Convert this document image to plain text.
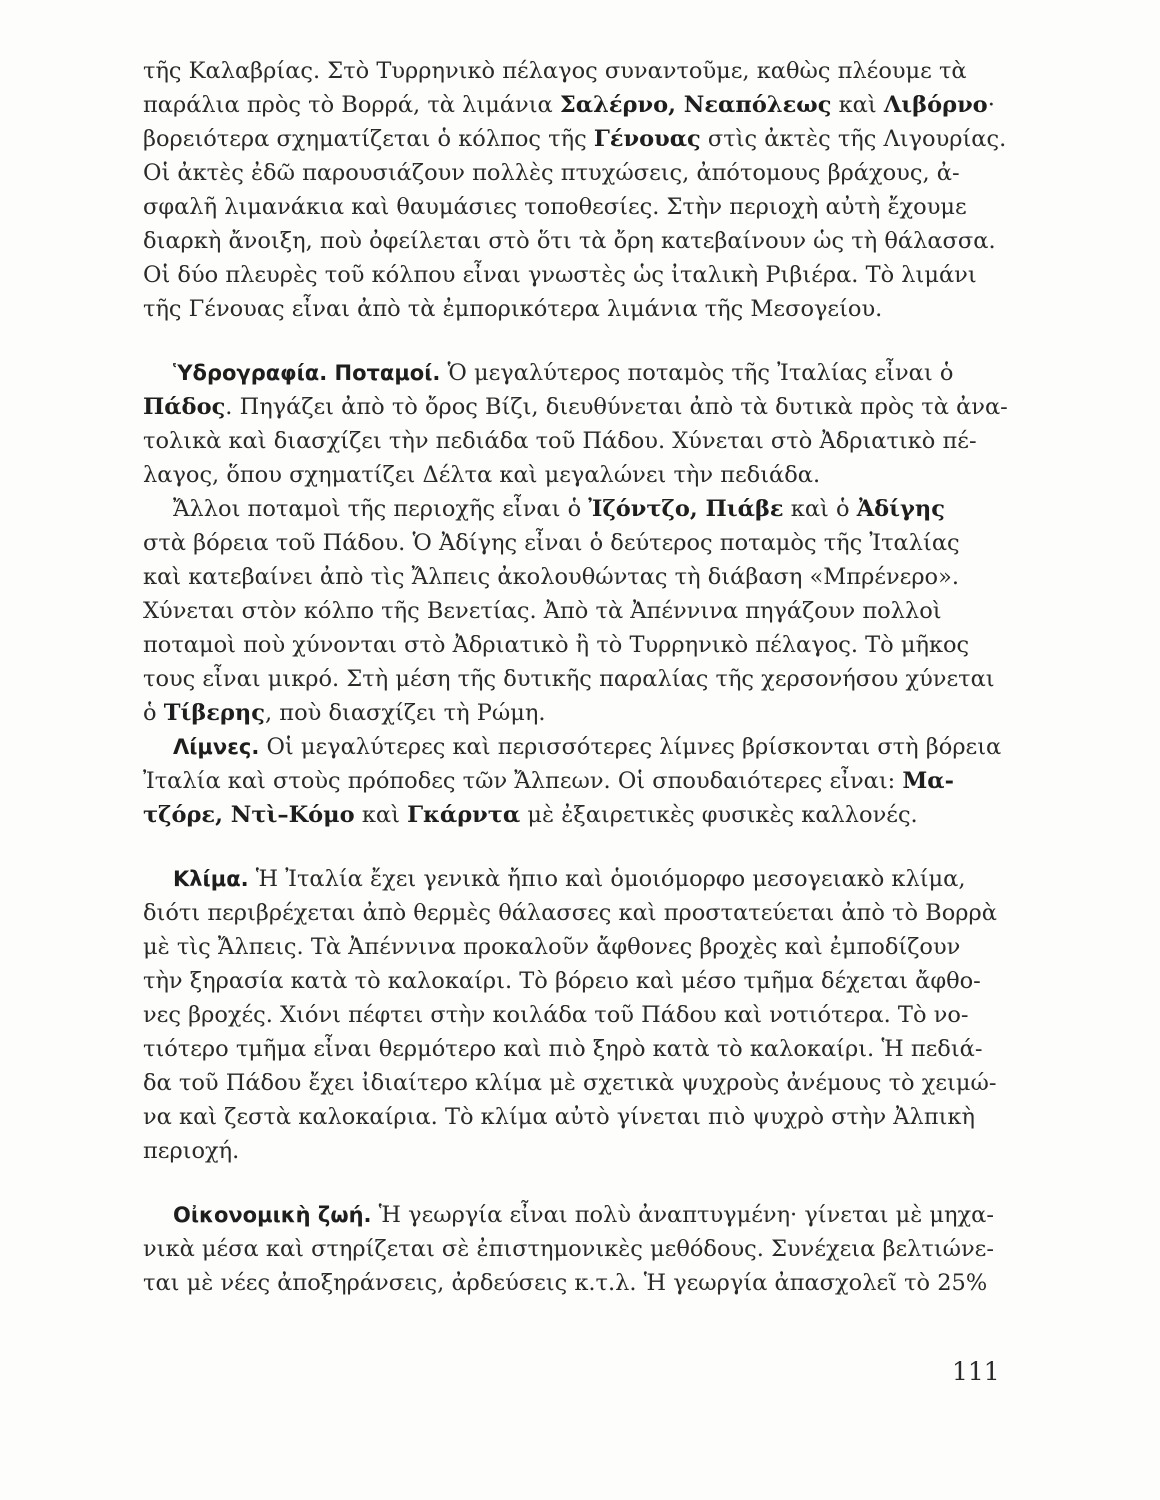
τῆς Καλαβρίας. Στὸ Τυρρηνικὸ πέλαγος συναντοῦμε, καθὼς πλέουμε τὰ
παράλια πρὸς τὸ Βορρά, τὰ λιμάνια Σαλέρνο, Νεαπόλεως καὶ Λιβόρνο·
βορειότερα σχηματίζεται ὁ κόλπος τῆς Γένουας στὶς ἀκτὲς τῆς Λιγουρίας.
Οἱ ἀκτὲς ἐδῶ παρουσιάζουν πολλὲς πτυχώσεις, ἀπότομους βράχους, ἀ-
σφαλῆ λιμανάκια καὶ θαυμάσιες τοποθεσίες. Στὴν περιοχὴ αὐτὴ ἔχουμε
διαρκὴ ἄνοιξη, ποὺ ὀφείλεται στὸ ὅτι τὰ ὄρη κατεβαίνουν ὡς τὴ θάλασσα.
Οἱ δύο πλευρὲς τοῦ κόλπου εἶναι γνωστὲς ὡς ἰταλικὴ Ριβιέρα. Τὸ λιμάνι
τῆς Γένουας εἶναι ἀπὸ τὰ ἐμπορικότερα λιμάνια τῆς Μεσογείου.
Ὑδρογραφία. Ποταμοί. Ὁ μεγαλύτερος ποταμὸς τῆς Ἰταλίας εἶναι ὁ
Πάδος. Πηγάζει ἀπὸ τὸ ὄρος Βίζι, διευθύνεται ἀπὸ τὰ δυτικὰ πρὸς τὰ ἀνα-
τολικὰ καὶ διασχίζει τὴν πεδιάδα τοῦ Πάδου. Χύνεται στὸ Ἀδριατικὸ πέ-
λαγος, ὅπου σχηματίζει Δέλτα καὶ μεγαλώνει τὴν πεδιάδα.
Ἄλλοι ποταμοὶ τῆς περιοχῆς εἶναι ὁ Ἰζόντζο, Πιάβε καὶ ὁ Ἀδίγης
στὰ βόρεια τοῦ Πάδου. Ὁ Ἀδίγης εἶναι ὁ δεύτερος ποταμὸς τῆς Ἰταλίας
καὶ κατεβαίνει ἀπὸ τὶς Ἄλπεις ἀκολουθώντας τὴ διάβαση «Μπρένερο».
Χύνεται στὸν κόλπο τῆς Βενετίας. Ἀπὸ τὰ Ἀπέννινα πηγάζουν πολλοὶ
ποταμοὶ ποὺ χύνονται στὸ Ἀδριατικὸ ἢ τὸ Τυρρηνικὸ πέλαγος. Τὸ μῆκος
τους εἶναι μικρό. Στὴ μέση τῆς δυτικῆς παραλίας τῆς χερσονήσου χύνεται
ὁ Τίβερης, ποὺ διασχίζει τὴ Ρώμη.
Λίμνες. Οἱ μεγαλύτερες καὶ περισσότερες λίμνες βρίσκονται στὴ βόρεια
Ἰταλία καὶ στοὺς πρόποδες τῶν Ἄλπεων. Οἱ σπουδαιότερες εἶναι: Μα-
τζόρε, Ντὶ–Κόμο καὶ Γκάρντα μὲ ἐξαιρετικὲς φυσικὲς καλλονές.
Κλίμα. Ἡ Ἰταλία ἔχει γενικὰ ἤπιο καὶ ὁμοιόμορφο μεσογειακὸ κλίμα,
διότι περιβρέχεται ἀπὸ θερμὲς θάλασσες καὶ προστατεύεται ἀπὸ τὸ Βορρὰ
μὲ τὶς Ἄλπεις. Τὰ Ἀπέννινα προκαλοῦν ἄφθονες βροχὲς καὶ ἐμποδίζουν
τὴν ξηρασία κατὰ τὸ καλοκαίρι. Τὸ βόρειο καὶ μέσο τμῆμα δέχεται ἄφθο-
νες βροχές. Χιόνι πέφτει στὴν κοιλάδα τοῦ Πάδου καὶ νοτιότερα. Τὸ νο-
τιότερο τμῆμα εἶναι θερμότερο καὶ πιὸ ξηρὸ κατὰ τὸ καλοκαίρι. Ἡ πεδιά-
δα τοῦ Πάδου ἔχει ἰδιαίτερο κλίμα μὲ σχετικὰ ψυχροὺς ἀνέμους τὸ χειμώ-
να καὶ ζεστὰ καλοκαίρια. Τὸ κλίμα αὐτὸ γίνεται πιὸ ψυχρὸ στὴν Ἀλπικὴ
περιοχή.
Οἰκονομικὴ ζωή. Ἡ γεωργία εἶναι πολὺ ἀναπτυγμένη· γίνεται μὲ μηχα-
νικὰ μέσα καὶ στηρίζεται σὲ ἐπιστημονικὲς μεθόδους. Συνέχεια βελτιώνε-
ται μὲ νέες ἀποξηράνσεις, ἀρδεύσεις κ.τ.λ. Ἡ γεωργία ἀπασχολεῖ τὸ 25%
111
